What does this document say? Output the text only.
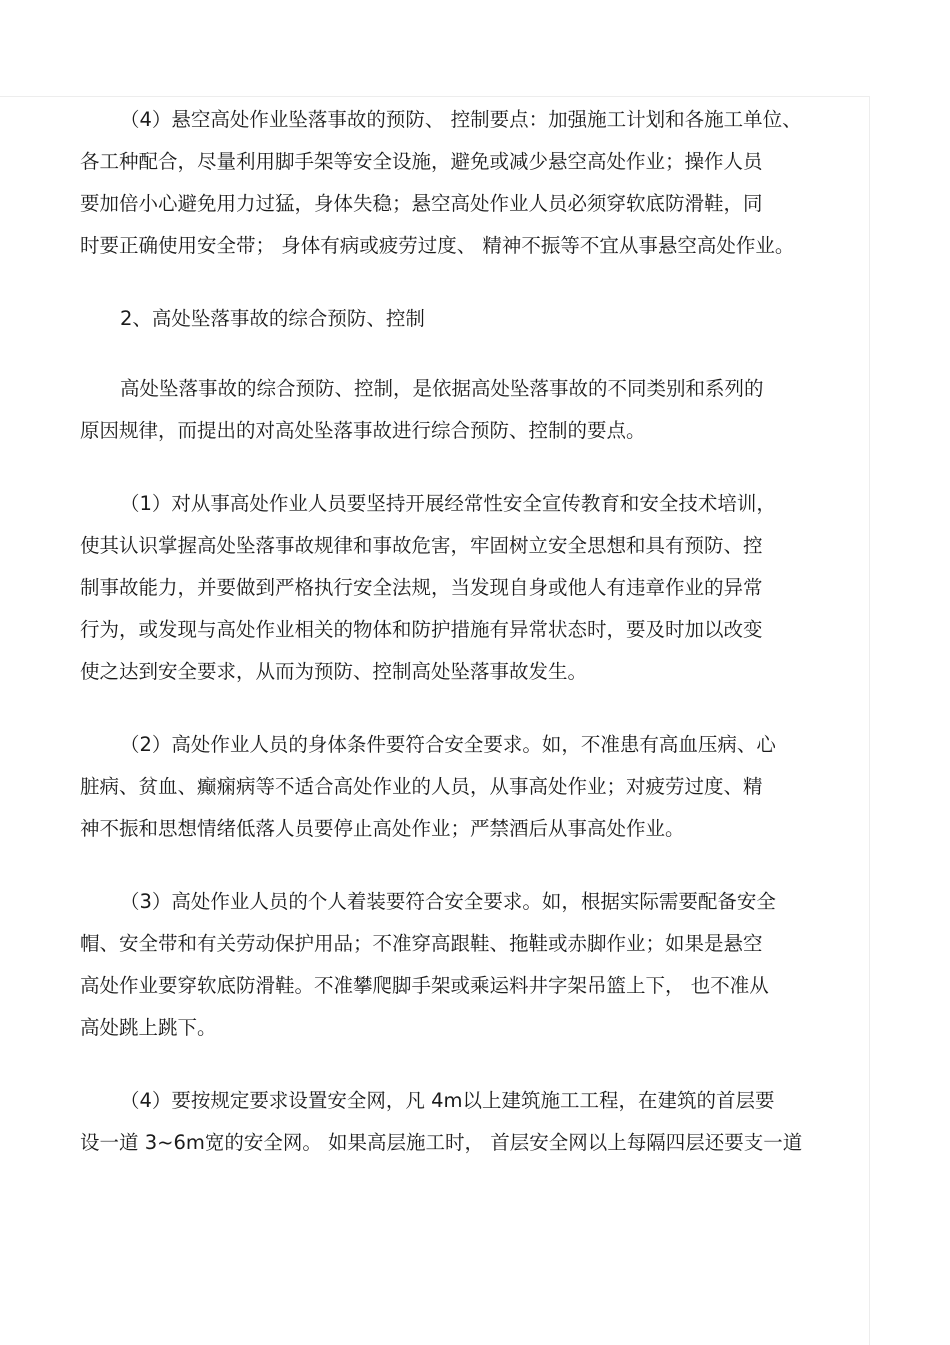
（4）悬空高处作业坠落事故的预防、 控制要点：加强施工计划和各施工单位、
各工种配合，尽量利用脚手架等安全设施，避免或减少悬空高处作业；操作人员
要加倍小心避免用力过猛，身体失稳；悬空高处作业人员必须穿软底防滑鞋，同
时要正确使用安全带； 身体有病或疲劳过度、 精神不振等不宜从事悬空高处作业。
2、高处坠落事故的综合预防、控制
高处坠落事故的综合预防、控制，是依据高处坠落事故的不同类别和系列的
原因规律，而提出的对高处坠落事故进行综合预防、控制的要点。
（1）对从事高处作业人员要坚持开展经常性安全宣传教育和安全技术培训，
使其认识掌握高处坠落事故规律和事故危害，牢固树立安全思想和具有预防、控
制事故能力，并要做到严格执行安全法规，当发现自身或他人有违章作业的异常
行为，或发现与高处作业相关的物体和防护措施有异常状态时，要及时加以改变
使之达到安全要求，从而为预防、控制高处坠落事故发生。
（2）高处作业人员的身体条件要符合安全要求。如，不准患有高血压病、心
脏病、贫血、癫痫病等不适合高处作业的人员，从事高处作业；对疲劳过度、精
神不振和思想情绪低落人员要停止高处作业；严禁酒后从事高处作业。
（3）高处作业人员的个人着装要符合安全要求。如，根据实际需要配备安全
帽、安全带和有关劳动保护用品；不准穿高跟鞋、拖鞋或赤脚作业；如果是悬空
高处作业要穿软底防滑鞋。不准攀爬脚手架或乘运料井字架吊篮上下， 也不准从
高处跳上跳下。
（4）要按规定要求设置安全网，凡 4m以上建筑施工工程，在建筑的首层要
设一道 3~6m宽的安全网。 如果高层施工时， 首层安全网以上每隔四层还要支一道
